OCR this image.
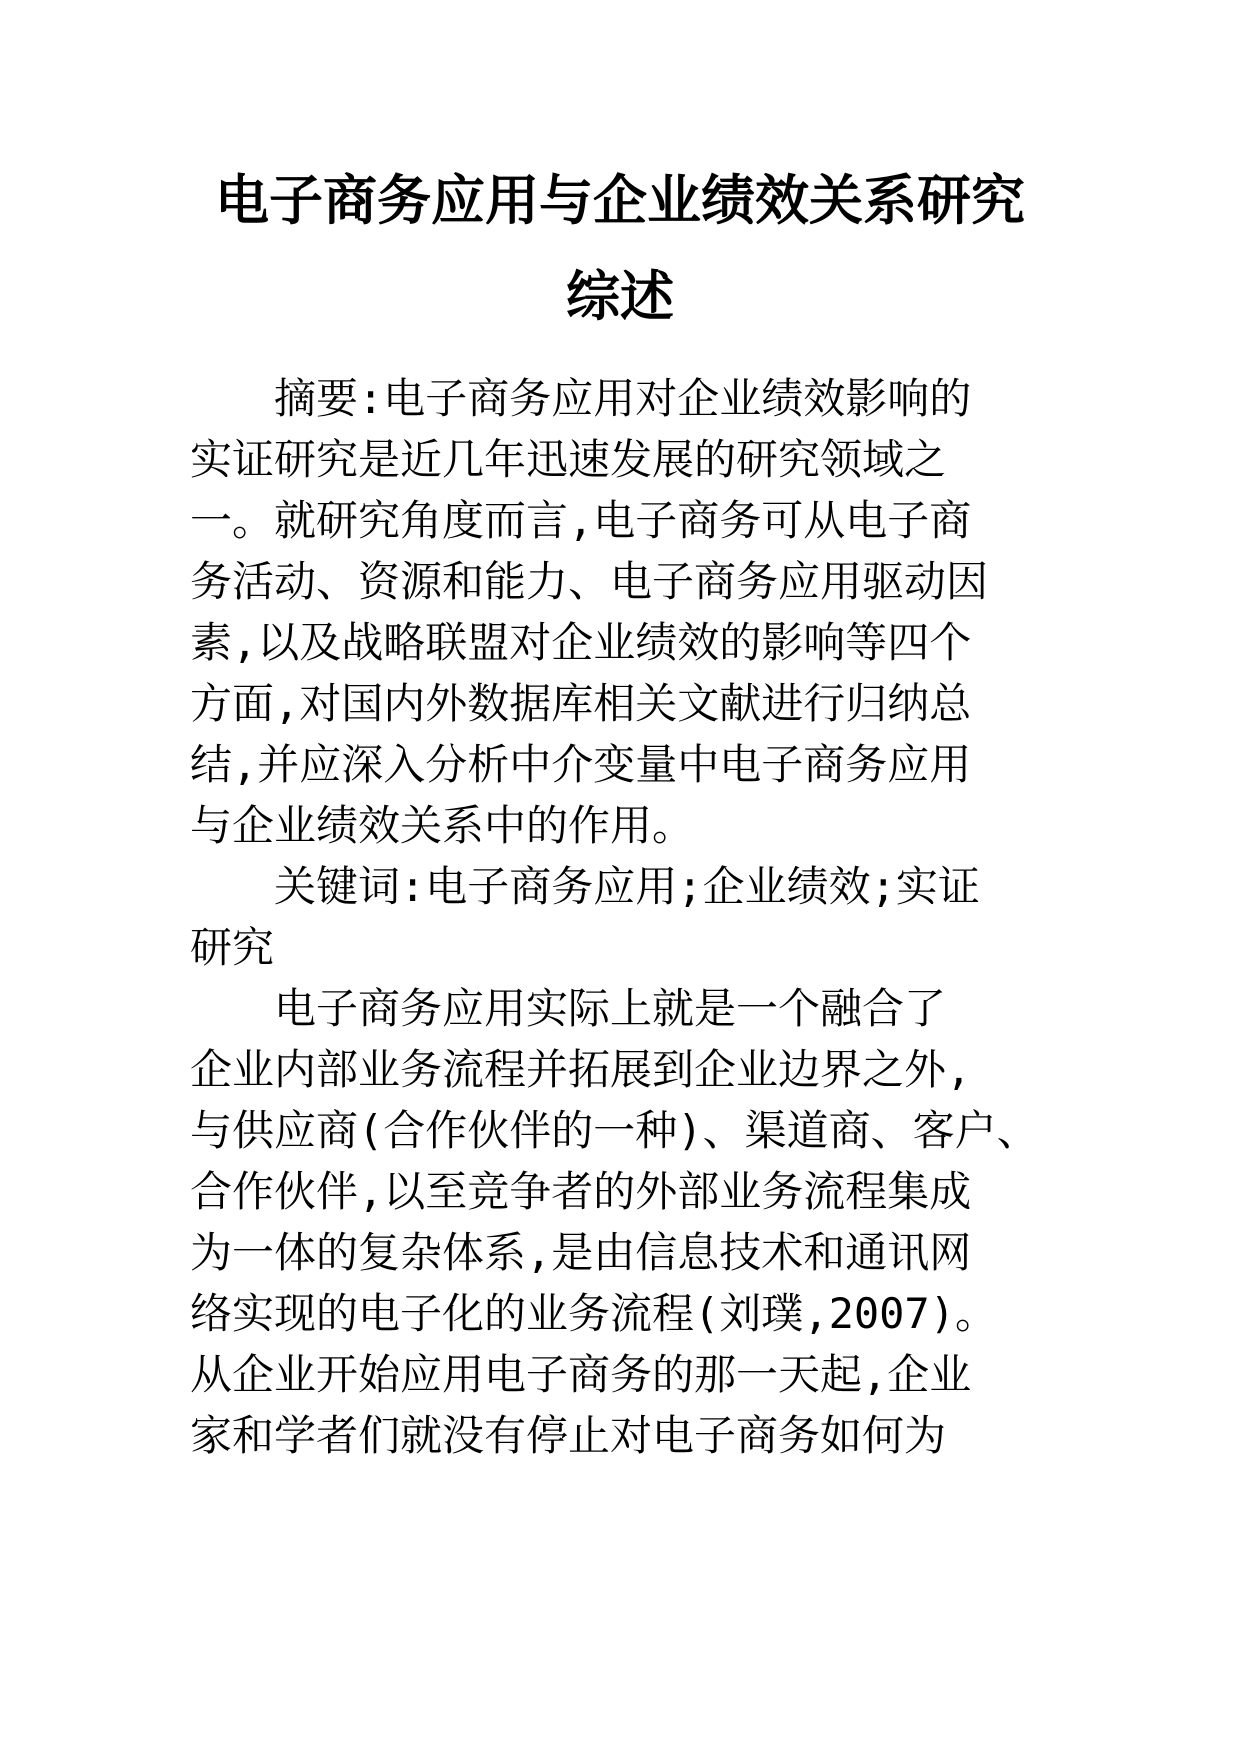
电子商务应用与企业绩效关系研究
综述
摘要:电子商务应用对企业绩效影响的
实证研究是近几年迅速发展的研究领域之
一。就研究角度而言,电子商务可从电子商
务活动、资源和能力、电子商务应用驱动因
素,以及战略联盟对企业绩效的影响等四个
方面,对国内外数据库相关文献进行归纳总
结,并应深入分析中介变量中电子商务应用
与企业绩效关系中的作用。
关键词:电子商务应用;企业绩效;实证
研究
电子商务应用实际上就是一个融合了
企业内部业务流程并拓展到企业边界之外,
与供应商(合作伙伴的一种)、渠道商、客户、
合作伙伴,以至竞争者的外部业务流程集成
为一体的复杂体系,是由信息技术和通讯网
络实现的电子化的业务流程(刘璞,2007)。
从企业开始应用电子商务的那一天起,企业
家和学者们就没有停止对电子商务如何为
